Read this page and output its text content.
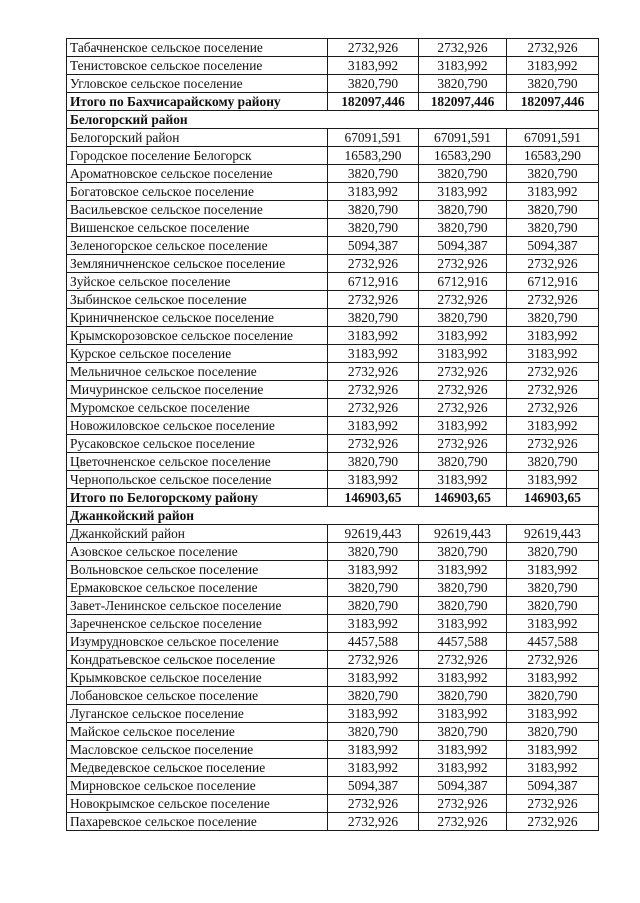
Табачненское сельское поселение	2732,926	2732,926	2732,926
Тенистовское сельское поселение	3183,992	3183,992	3183,992
Угловское сельское поселение	3820,790	3820,790	3820,790
Итого по Бахчисарайскому району	182097,446	182097,446	182097,446
Белогорский район			
Белогорский район	67091,591	67091,591	67091,591
Городское поселение Белогорск	16583,290	16583,290	16583,290
Ароматновское сельское поселение	3820,790	3820,790	3820,790
Богатовское сельское поселение	3183,992	3183,992	3183,992
Васильевское сельское поселение	3820,790	3820,790	3820,790
Вишенское сельское поселение	3820,790	3820,790	3820,790
Зеленогорское сельское поселение	5094,387	5094,387	5094,387
Земляничненское сельское поселение	2732,926	2732,926	2732,926
Зуйское сельское поселение	6712,916	6712,916	6712,916
Зыбинское сельское поселение	2732,926	2732,926	2732,926
Криничненское сельское поселение	3820,790	3820,790	3820,790
Крымскорозовское сельское поселение	3183,992	3183,992	3183,992
Курское сельское поселение	3183,992	3183,992	3183,992
Мельничное сельское поселение	2732,926	2732,926	2732,926
Мичуринское сельское поселение	2732,926	2732,926	2732,926
Муромское сельское поселение	2732,926	2732,926	2732,926
Новожиловское сельское поселение	3183,992	3183,992	3183,992
Русаковское сельское поселение	2732,926	2732,926	2732,926
Цветочненское сельское поселение	3820,790	3820,790	3820,790
Чернопольское сельское поселение	3183,992	3183,992	3183,992
Итого по Белогорскому району	146903,65	146903,65	146903,65
Джанкойский район			
Джанкойский район	92619,443	92619,443	92619,443
Азовское сельское поселение	3820,790	3820,790	3820,790
Вольновское сельское поселение	3183,992	3183,992	3183,992
Ермаковское сельское поселение	3820,790	3820,790	3820,790
Завет-Ленинское сельское поселение	3820,790	3820,790	3820,790
Заречненское сельское поселение	3183,992	3183,992	3183,992
Изумрудновское сельское поселение	4457,588	4457,588	4457,588
Кондратьевское сельское поселение	2732,926	2732,926	2732,926
Крымковское сельское поселение	3183,992	3183,992	3183,992
Лобановское сельское поселение	3820,790	3820,790	3820,790
Луганское сельское поселение	3183,992	3183,992	3183,992
Майское сельское поселение	3820,790	3820,790	3820,790
Масловское сельское поселение	3183,992	3183,992	3183,992
Медведевское сельское поселение	3183,992	3183,992	3183,992
Мирновское сельское поселение	5094,387	5094,387	5094,387
Новокрымское сельское поселение	2732,926	2732,926	2732,926
Пахаревское сельское поселение	2732,926	2732,926	2732,926
